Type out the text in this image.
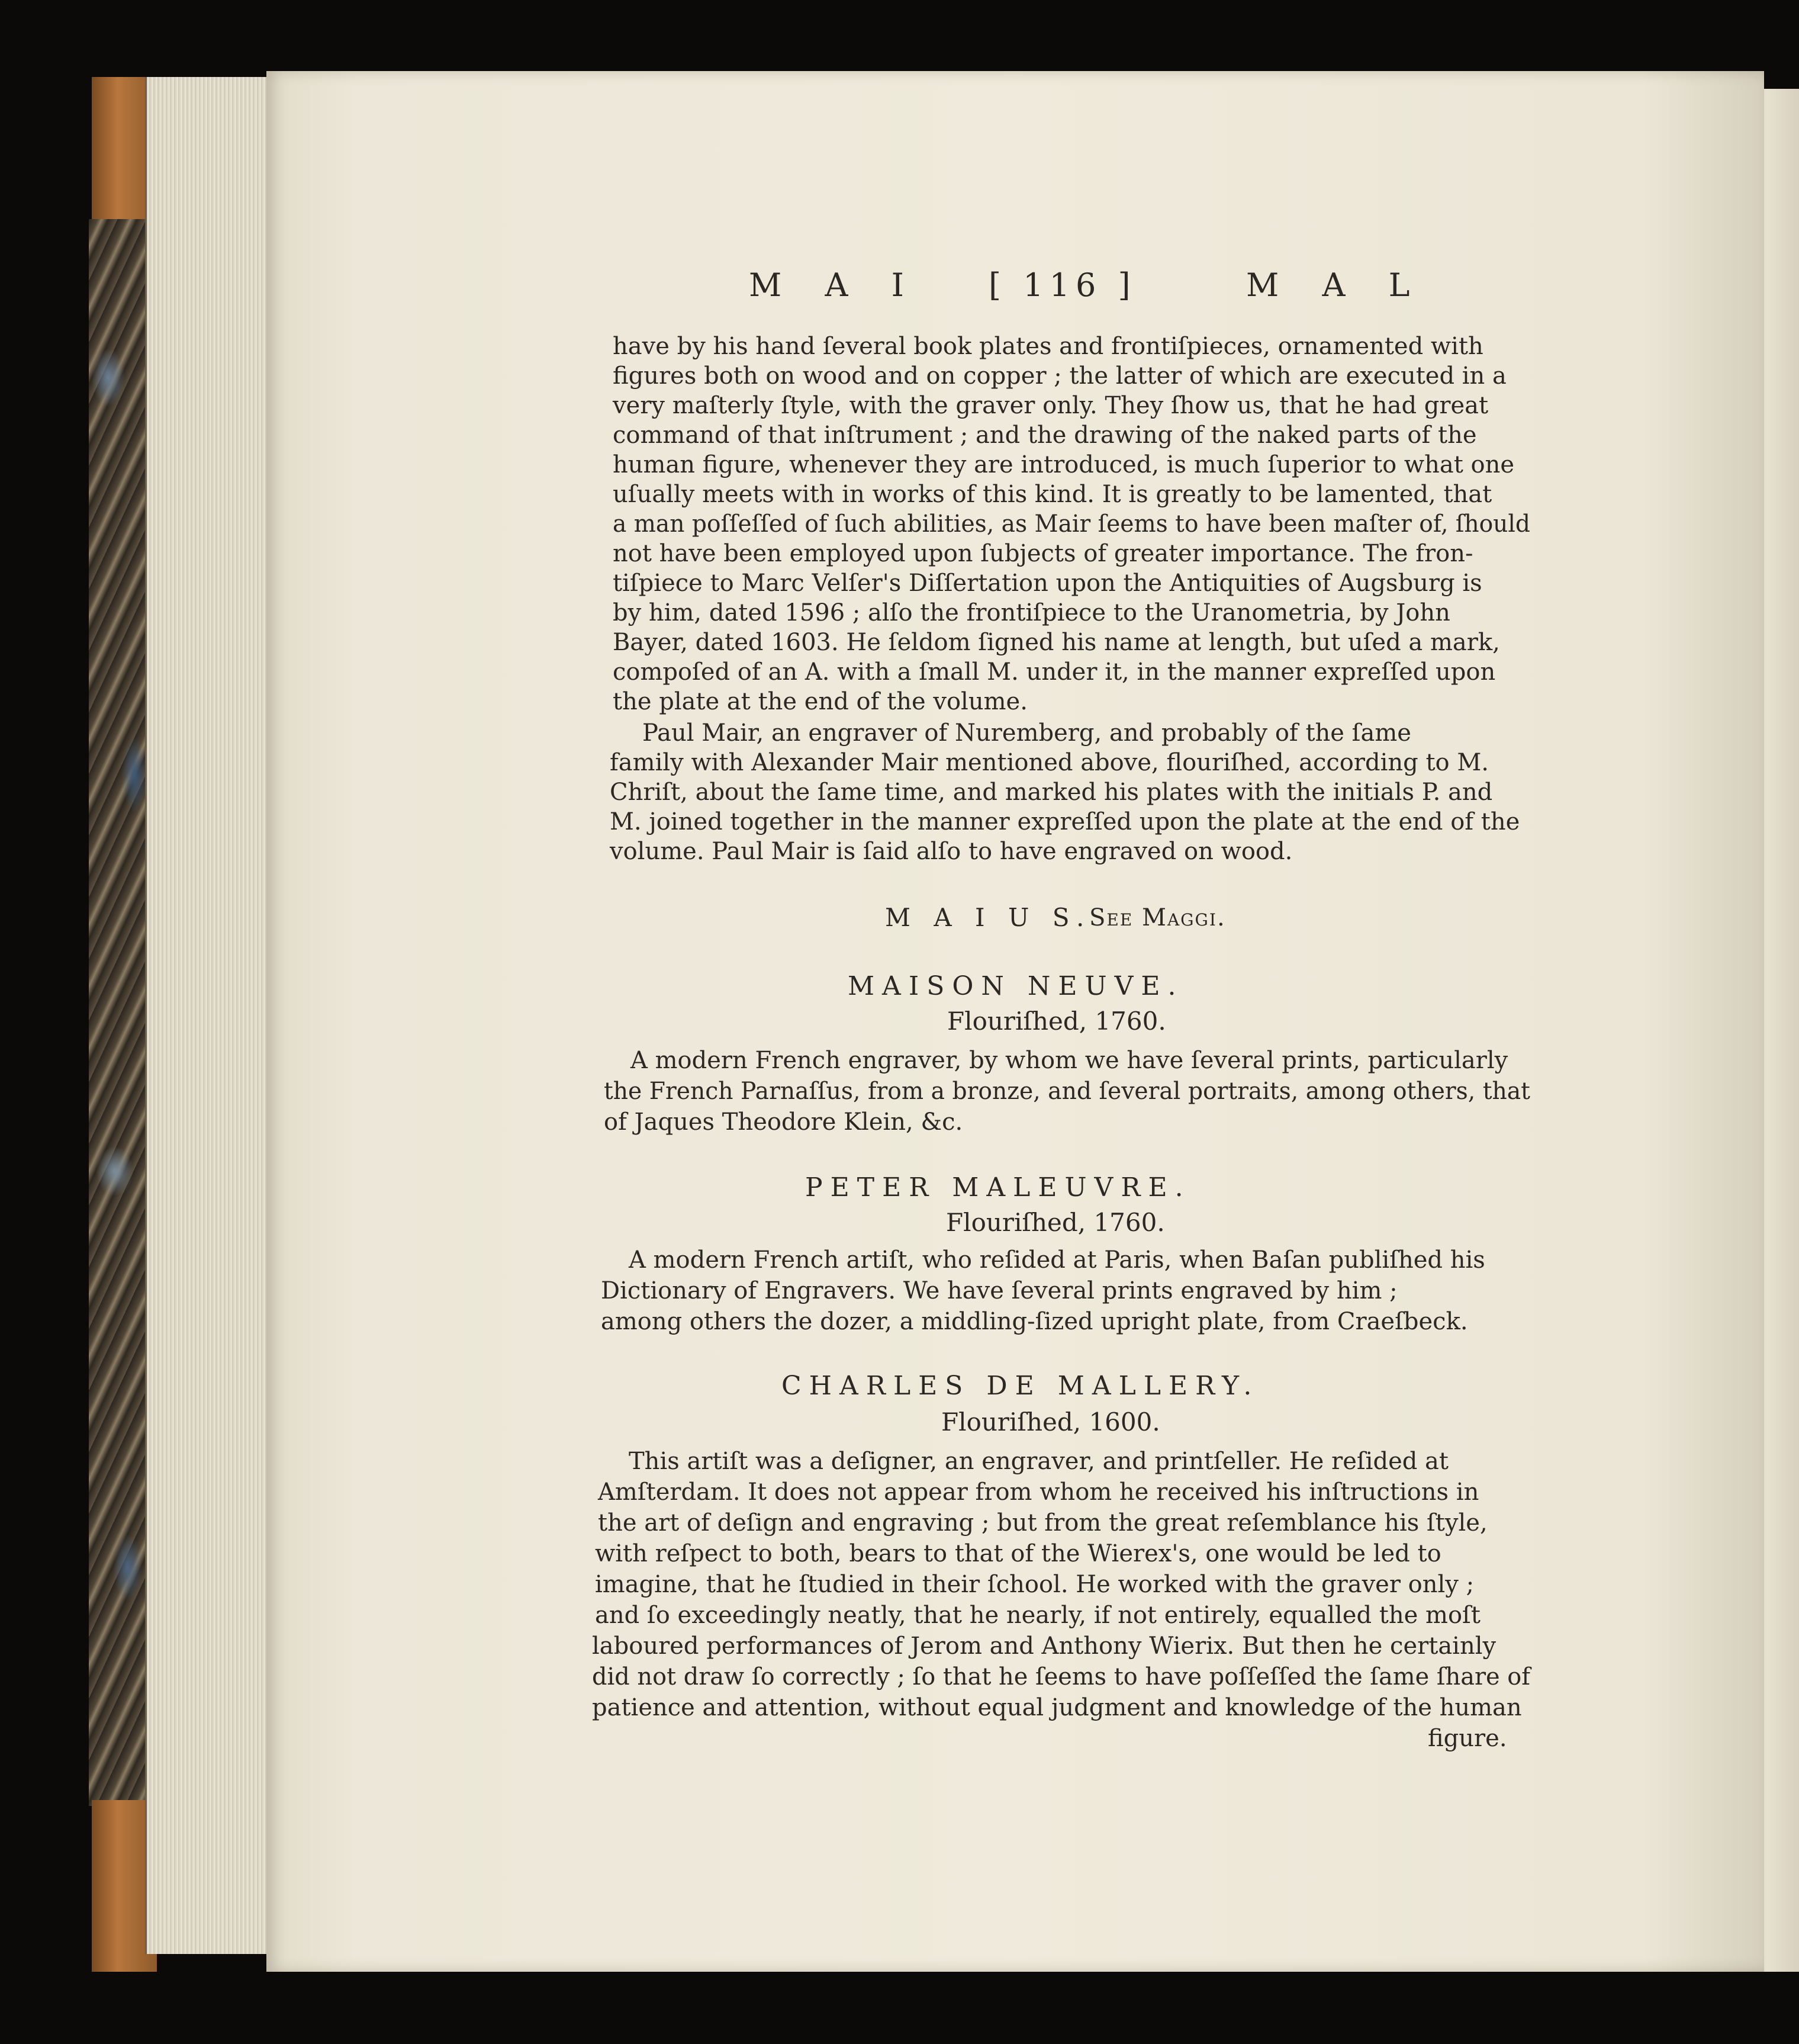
M A I [ 116 ]	M A L
have by his hand ſeveral book plates and frontiſpieces, ornamented with
figures both on wood and on copper ; the latter of which are executed in a
very maſterly ſtyle, with the graver only. They ſhow us, that he had great
command of that inſtrument ; and the drawing of the naked parts of the
human figure, whenever they are introduced, is much ſuperior to what one
uſually meets with in works of this kind. It is greatly to be lamented, that
a man poſſeſſed of ſuch abilities, as Mair ſeems to have been maſter of, ſhould
not have been employed upon ſubjects of greater importance. The fron-
tiſpiece to Marc Velſer's Diſſertation upon the Antiquities of Augsburg is
by him, dated 1596 ; alſo the frontiſpiece to the Uranometria, by John
Bayer, dated 1603. He ſeldom ſigned his name at length, but uſed a mark,
compoſed of an A. with a ſmall M. under it, in the manner expreſſed upon
the plate at the end of the volume.
Paul Mair, an engraver of Nuremberg, and probably of the ſame
family with Alexander Mair mentioned above, flouriſhed, according to M.
Chriſt, about the ſame time, and marked his plates with the initials P. and
M. joined together in the manner expreſſed upon the plate at the end of the
volume. Paul Mair is ſaid alſo to have engraved on wood.
M A I U S.
See Maggi.
MAISON NEUVE.
Flouriſhed, 1760.
A modern French engraver, by whom we have ſeveral prints, particularly
the French Parnaſſus, from a bronze, and ſeveral portraits, among others, that
of Jaques Theodore Klein, &c.
PETER MALEUVRE.
Flouriſhed, 1760.
A modern French artiſt, who reſided at Paris, when Baſan publiſhed his
Dictionary of Engravers. We have ſeveral prints engraved by him ;
among others the dozer, a middling-ſized upright plate, from Craeſbeck.
CHARLES DE MALLERY.
Flouriſhed, 1600.
This artiſt was a deſigner, an engraver, and printſeller. He reſided at
Amſterdam. It does not appear from whom he received his inſtructions in
the art of deſign and engraving ; but from the great reſemblance his ſtyle,
with reſpect to both, bears to that of the Wierex's, one would be led to
imagine, that he ſtudied in their ſchool. He worked with the graver only ;
and ſo exceedingly neatly, that he nearly, if not entirely, equalled the moſt
laboured performances of Jerom and Anthony Wierix. But then he certainly
did not draw ſo correctly ; ſo that he ſeems to have poſſeſſed the ſame ſhare of
patience and attention, without equal judgment and knowledge of the human
figure.
